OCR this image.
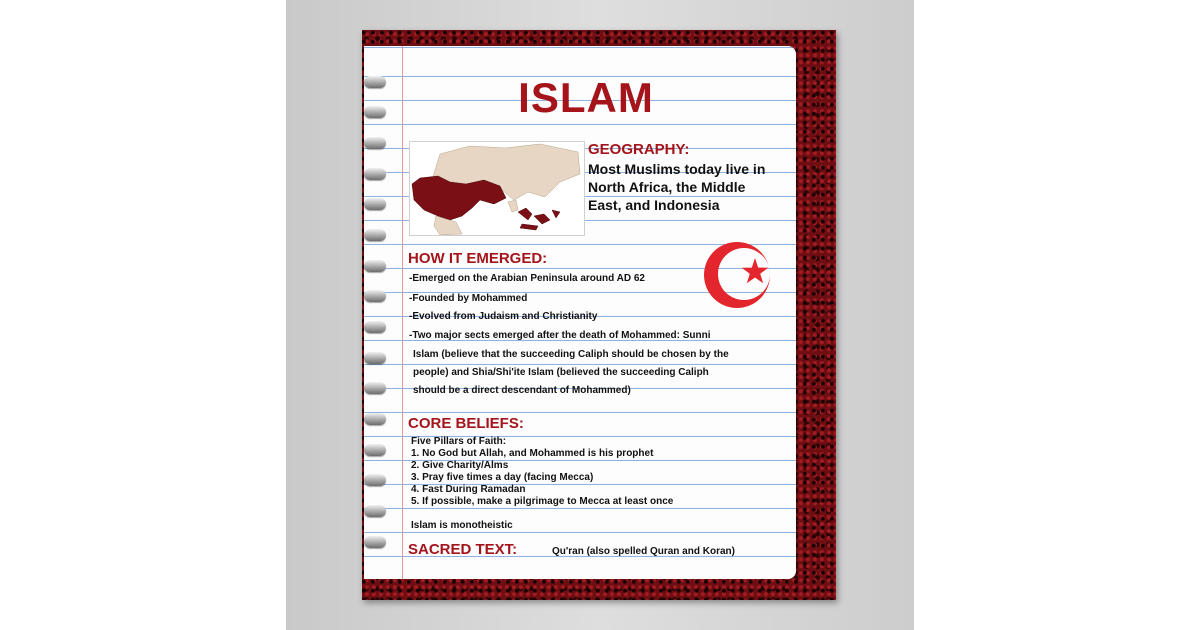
ISLAM
GEOGRAPHY:
Most Muslims today live in North Africa, the Middle East, and Indonesia
HOW IT EMERGED:
-Emerged on the Arabian Peninsula around AD 62
-Founded by Mohammed
-Evolved from Judaism and Christianity
-Two major sects emerged after the death of Mohammed: Sunni
Islam (believe that the succeeding Caliph should be chosen by the
people) and Shia/Shi'ite Islam (believed the succeeding Caliph
should be a direct descendant of Mohammed)
CORE BELIEFS:
Five Pillars of Faith:
1. No God but Allah, and Mohammed is his prophet
2. Give Charity/Alms
3. Pray five times a day (facing Mecca)
4. Fast During Ramadan
5. If possible, make a pilgrimage to Mecca at least once
Islam is monotheistic
SACRED TEXT:	Qu'ran (also spelled Quran and Koran)
